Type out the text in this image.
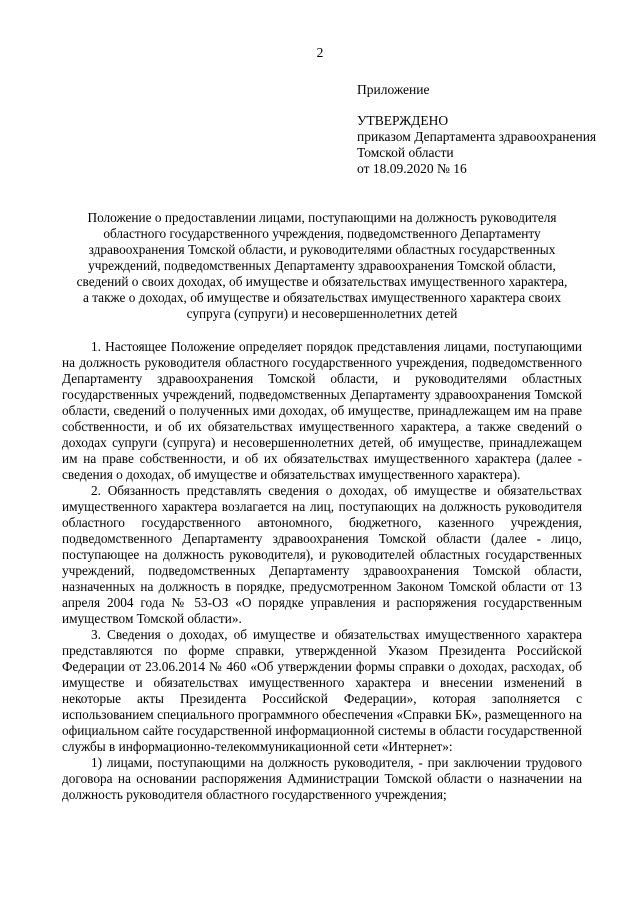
2
Приложение
УТВЕРЖДЕНО
приказом Департамента здравоохранения
Томской области
от 18.09.2020 № 16
Положение о предоставлении лицами, поступающими на должность руководителя
областного государственного учреждения, подведомственного Департаменту
здравоохранения Томской области, и руководителями областных государственных
учреждений, подведомственных Департаменту здравоохранения Томской области,
сведений о своих доходах, об имуществе и обязательствах имущественного характера,
а также о доходах, об имуществе и обязательствах имущественного характера своих
супруга (супруги) и несовершеннолетних детей

1. Настоящее Положение определяет порядок представления лицами, поступающими на должность руководителя областного государственного учреждения, подведомственного Департаменту здравоохранения Томской области, и руководителями областных государственных учреждений, подведомственных Департаменту здравоохранения Томской области, сведений о полученных ими доходах, об имуществе, принадлежащем им на праве собственности, и об их обязательствах имущественного характера, а также сведений о доходах супруги (супруга) и несовершеннолетних детей, об имуществе, принадлежащем им на праве собственности, и об их обязательствах имущественного характера (далее - сведения о доходах, об имуществе и обязательствах имущественного характера).

2. Обязанность представлять сведения о доходах, об имуществе и обязательствах имущественного характера возлагается на лиц, поступающих на должность руководителя областного государственного автономного, бюджетного, казенного учреждения, подведомственного Департаменту здравоохранения Томской области (далее - лицо, поступающее на должность руководителя), и руководителей областных государственных учреждений, подведомственных Департаменту здравоохранения Томской области, назначенных на должность в порядке, предусмотренном Законом Томской области от 13 апреля 2004 года № 53-ОЗ «О порядке управления и распоряжения государственным имуществом Томской области».

3. Сведения о доходах, об имуществе и обязательствах имущественного характера представляются по форме справки, утвержденной Указом Президента Российской Федерации от 23.06.2014 № 460 «Об утверждении формы справки о доходах, расходах, об имуществе и обязательствах имущественного характера и внесении изменений в некоторые акты Президента Российской Федерации», которая заполняется с использованием специального программного обеспечения «Справки БК», размещенного на официальном сайте государственной информационной системы в области государственной службы в информационно-телекоммуникационной сети «Интернет»:

1) лицами, поступающими на должность руководителя, - при заключении трудового договора на основании распоряжения Администрации Томской области о назначении на должность руководителя областного государственного учреждения;
